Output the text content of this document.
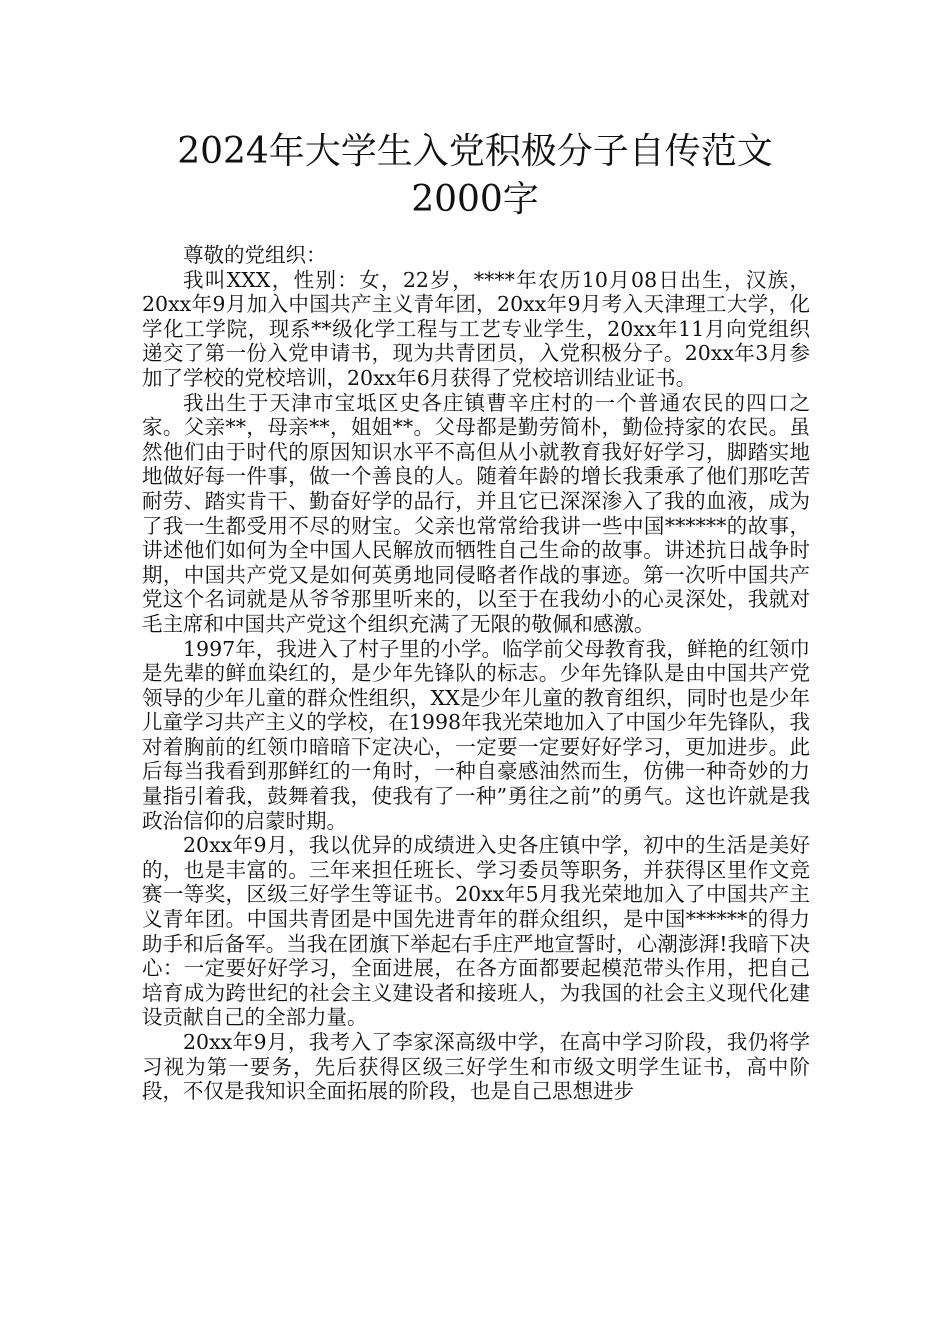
2024年大学生入党积极分子自传范文2000字

尊敬的党组织：

我叫XXX，性别：女，22岁，****年农历10月08日出生，汉族，20xx年9月加入中国共产主义青年团，20xx年9月考入天津理工大学，化学化工学院，现系**级化学工程与工艺专业学生，20xx年11月向党组织递交了第一份入党申请书，现为共青团员，入党积极分子。20xx年3月参加了学校的党校培训，20xx年6月获得了党校培训结业证书。

我出生于天津市宝坻区史各庄镇曹辛庄村的一个普通农民的四口之家。父亲**，母亲**，姐姐**。父母都是勤劳简朴，勤俭持家的农民。虽然他们由于时代的原因知识水平不高但从小就教育我好好学习，脚踏实地地做好每一件事，做一个善良的人。随着年龄的增长我秉承了他们那吃苦耐劳、踏实肯干、勤奋好学的品行，并且它已深深渗入了我的血液，成为了我一生都受用不尽的财宝。父亲也常常给我讲一些中国******的故事，讲述他们如何为全中国人民解放而牺牲自己生命的故事。讲述抗日战争时期，中国共产党又是如何英勇地同侵略者作战的事迹。第一次听中国共产党这个名词就是从爷爷那里听来的，以至于在我幼小的心灵深处，我就对毛主席和中国共产党这个组织充满了无限的敬佩和感激。

1997年，我进入了村子里的小学。临学前父母教育我，鲜艳的红领巾是先辈的鲜血染红的，是少年先锋队的标志。少年先锋队是由中国共产党领导的少年儿童的群众性组织，XX是少年儿童的教育组织，同时也是少年儿童学习共产主义的学校，在1998年我光荣地加入了中国少年先锋队，我对着胸前的红领巾暗暗下定决心，一定要一定要好好学习，更加进步。此后每当我看到那鲜红的一角时，一种自豪感油然而生，仿佛一种奇妙的力量指引着我，鼓舞着我，使我有了一种”勇往之前”的勇气。这也许就是我政治信仰的启蒙时期。

20xx年9月，我以优异的成绩进入史各庄镇中学，初中的生活是美好的，也是丰富的。三年来担任班长、学习委员等职务，并获得区里作文竞赛一等奖，区级三好学生等证书。20xx年5月我光荣地加入了中国共产主义青年团。中国共青团是中国先进青年的群众组织，是中国******的得力助手和后备军。当我在团旗下举起右手庄严地宣誓时，心潮澎湃!我暗下决心：一定要好好学习，全面进展，在各方面都要起模范带头作用，把自己培育成为跨世纪的社会主义建设者和接班人，为我国的社会主义现代化建设贡献自己的全部力量。

20xx年9月，我考入了李家深高级中学，在高中学习阶段，我仍将学习视为第一要务，先后获得区级三好学生和市级文明学生证书，高中阶段，不仅是我知识全面拓展的阶段，也是自己思想进步
